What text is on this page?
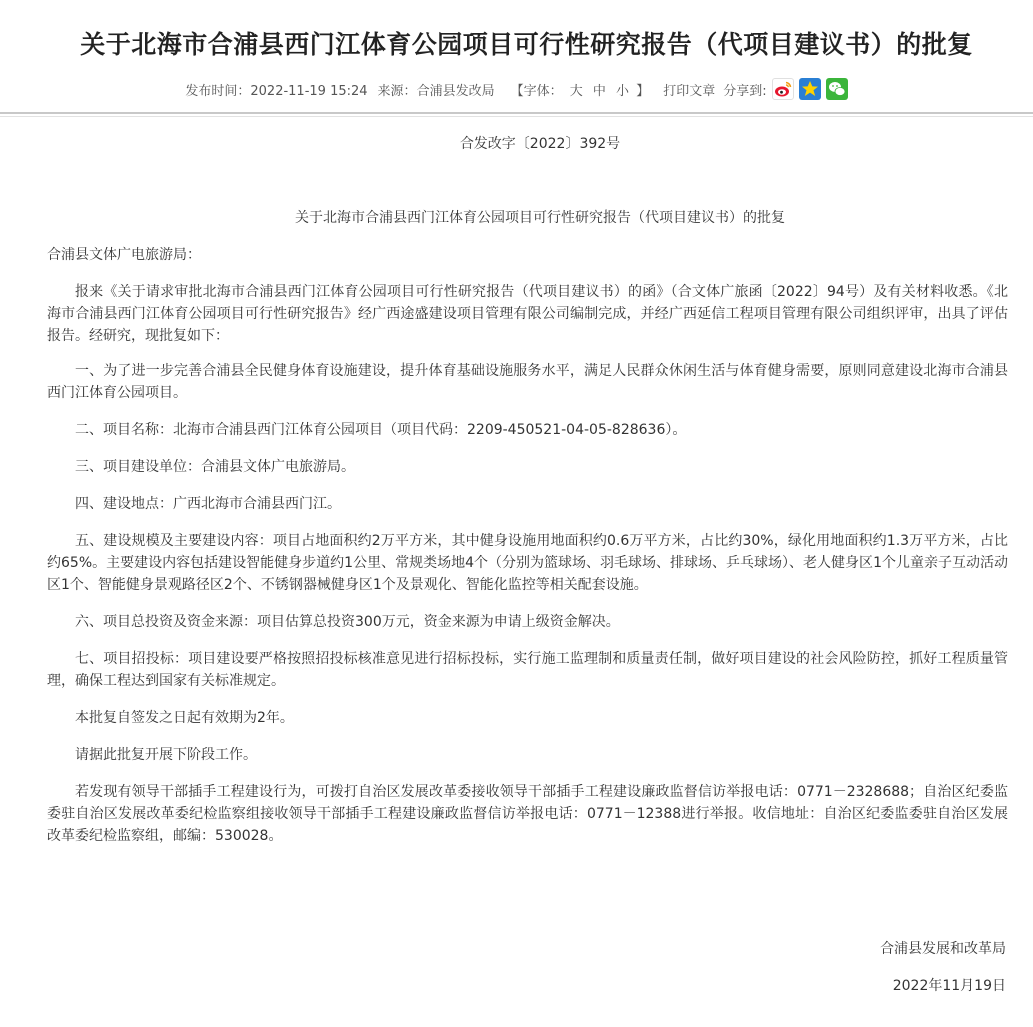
关于北海市合浦县西门江体育公园项目可行性研究报告（代项目建议书）的批复
发布时间：2022-11-19 15:24 来源：合浦县发改局 【字体： 大 中 小 】 打印文章 分享到:
合发改字〔2022〕392号
关于北海市合浦县西门江体育公园项目可行性研究报告（代项目建议书）的批复
合浦县文体广电旅游局：

报来《关于请求审批北海市合浦县西门江体育公园项目可行性研究报告（代项目建议书）的函》（合文体广旅函〔2022〕94号）及有关材料收悉。《北海市合浦县西门江体育公园项目可行性研究报告》经广西途盛建设项目管理有限公司编制完成，并经广西延信工程项目管理有限公司组织评审，出具了评估报告。经研究，现批复如下：

一、为了进一步完善合浦县全民健身体育设施建设，提升体育基础设施服务水平，满足人民群众休闲生活与体育健身需要，原则同意建设北海市合浦县西门江体育公园项目。

二、项目名称：北海市合浦县西门江体育公园项目（项目代码：2209-450521-04-05-828636）。

三、项目建设单位：合浦县文体广电旅游局。

四、建设地点：广西北海市合浦县西门江。

五、建设规模及主要建设内容：项目占地面积约2万平方米，其中健身设施用地面积约0.6万平方米，占比约30%，绿化用地面积约1.3万平方米，占比约65%。主要建设内容包括建设智能健身步道约1公里、常规类场地4个（分别为篮球场、羽毛球场、排球场、乒乓球场）、老人健身区1个儿童亲子互动活动区1个、智能健身景观路径区2个、不锈钢器械健身区1个及景观化、智能化监控等相关配套设施。

六、项目总投资及资金来源：项目估算总投资300万元，资金来源为申请上级资金解决。

七、项目招投标：项目建设要严格按照招投标核准意见进行招标投标，实行施工监理制和质量责任制，做好项目建设的社会风险防控，抓好工程质量管理，确保工程达到国家有关标准规定。

本批复自签发之日起有效期为2年。

请据此批复开展下阶段工作。

若发现有领导干部插手工程建设行为，可拨打自治区发展改革委接收领导干部插手工程建设廉政监督信访举报电话：0771－2328688；自治区纪委监委驻自治区发展改革委纪检监察组接收领导干部插手工程建设廉政监督信访举报电话：0771－12388进行举报。收信地址：自治区纪委监委驻自治区发展改革委纪检监察组，邮编：530028。

合浦县发展和改革局
2022年11月19日
